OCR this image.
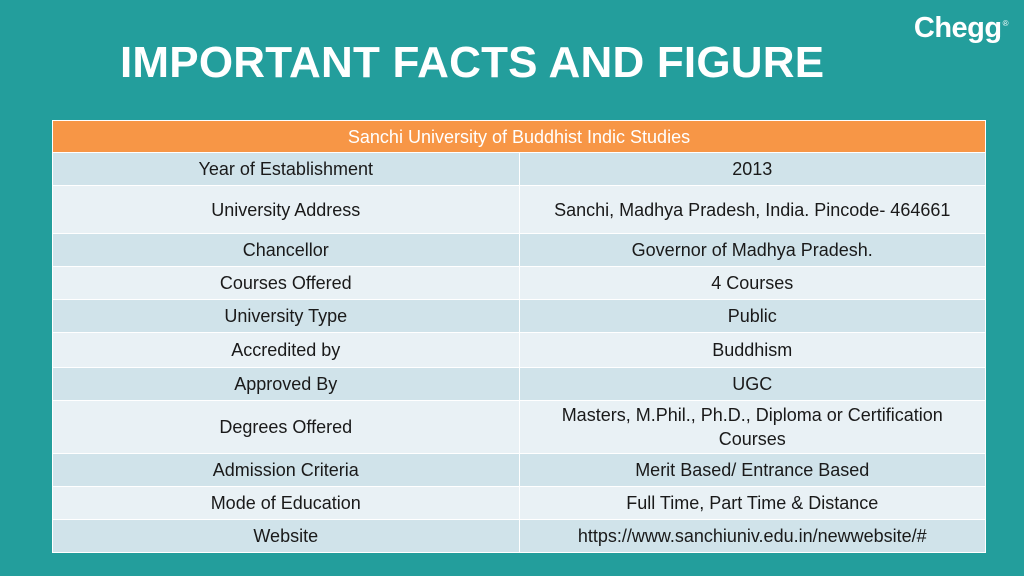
IMPORTANT FACTS AND FIGURE
Chegg®
Sanchi University of Buddhist Indic Studies	
Year of Establishment	2013
University Address	Sanchi, Madhya Pradesh, India. Pincode- 464661
Chancellor	Governor of Madhya Pradesh.
Courses Offered	4 Courses
University Type	Public
Accredited by	Buddhism
Approved By	UGC
Degrees Offered	Masters, M.Phil., Ph.D., Diploma or Certification Courses
Admission Criteria	Merit Based/ Entrance Based
Mode of Education	Full Time, Part Time & Distance
Website	https://www.sanchiuniv.edu.in/newwebsite/#
